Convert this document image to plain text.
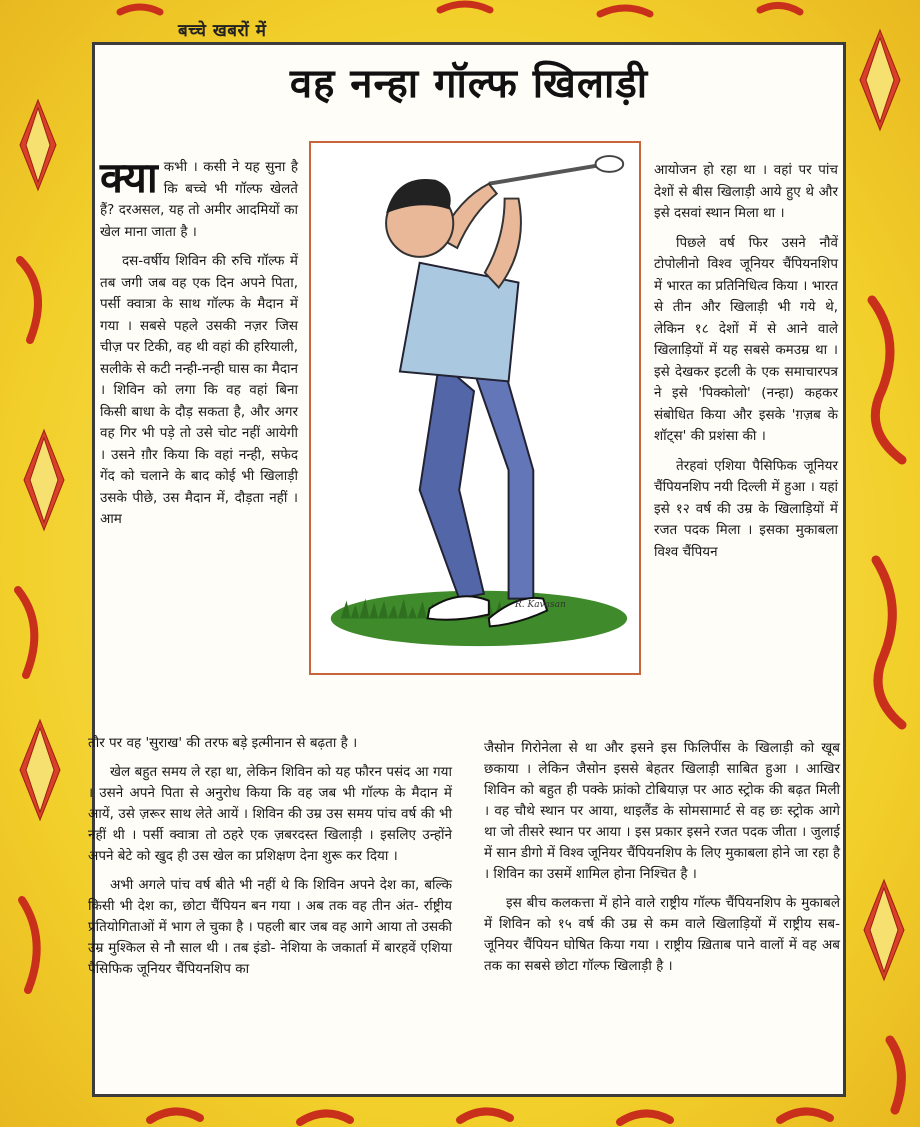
बच्चे खबरों में
वह नन्हा गॉल्फ खिलाड़ी

क्या कभी । कसी ने यह सुना है कि बच्चे भी गॉल्फ खेलते हैं? दरअसल, यह तो अमीर आदमियों का खेल माना जाता है ।

दस-वर्षीय शिविन की रुचि गॉल्फ में तब जगी जब वह एक दिन अपने पिता, पर्सी क्वात्रा के साथ गॉल्फ के मैदान में गया । सबसे पहले उसकी नज़र जिस चीज़ पर टिकी, वह थी वहां की हरियाली, सलीके से कटी नन्ही-नन्ही घास का मैदान । शिविन को लगा कि वह वहां बिना किसी बाधा के दौड़ सकता है, और अगर वह गिर भी पड़े तो उसे चोट नहीं आयेगी । उसने ग़ौर किया कि वहां नन्ही, सफेद गेंद को चलाने के बाद कोई भी खिलाड़ी उसके पीछे, उस मैदान में, दौड़ता नहीं । आम

R. Kavasan

आयोजन हो रहा था । वहां पर पांच देशों से बीस खिलाड़ी आये हुए थे और इसे दसवां स्थान मिला था ।

पिछले वर्ष फिर उसने नौवें टोपोलीनो विश्व जूनियर चैंपियनशिप में भारत का प्रतिनिधित्व किया । भारत से तीन और खिलाड़ी भी गये थे, लेकिन १८ देशों में से आने वाले खिलाड़ियों में यह सबसे कमउम्र था । इसे देखकर इटली के एक समाचारपत्र ने इसे 'पिक्कोलो' (नन्हा) कहकर संबोधित किया और इसके 'ग़ज़ब के शॉट्स' की प्रशंसा की ।

तेरहवां एशिया पैसिफिक जूनियर चैंपियनशिप नयी दिल्ली में हुआ । यहां इसे १२ वर्ष की उम्र के खिलाड़ियों में रजत पदक मिला । इसका मुकाबला विश्व चैंपियन

तौर पर वह 'सुराख' की तरफ बड़े इत्मीनान से बढ़ता है ।

खेल बहुत समय ले रहा था, लेकिन शिविन को यह फौरन पसंद आ गया । उसने अपने पिता से अनुरोध किया कि वह जब भी गॉल्फ के मैदान में आयें, उसे ज़रूर साथ लेते आयें । शिविन की उम्र उस समय पांच वर्ष की भी नहीं थी । पर्सी क्वात्रा तो ठहरे एक ज़बरदस्त खिलाड़ी । इसलिए उन्होंने अपने बेटे को खुद ही उस खेल का प्रशिक्षण देना शुरू कर दिया ।

अभी अगले पांच वर्ष बीते भी नहीं थे कि शिविन अपने देश का, बल्कि किसी भी देश का, छोटा चैंपियन बन गया । अब तक वह तीन अंत- र्राष्ट्रीय प्रतियोगिताओं में भाग ले चुका है । पहली बार जब वह आगे आया तो उसकी उम्र मुश्किल से नौ साल थी । तब इंडो- नेशिया के जकार्ता में बारहवें एशिया पैसिफिक जूनियर चैंपियनशिप का

जैसोन गिरोनेला से था और इसने इस फिलिपींस के खिलाड़ी को खूब छकाया । लेकिन जैसोन इससे बेहतर खिलाड़ी साबित हुआ । आखिर शिविन को बहुत ही पक्के फ्रांको टोबियाज़ पर आठ स्ट्रोक की बढ़त मिली । वह चौथे स्थान पर आया, थाइलैंड के सोमसामार्ट से वह छः स्ट्रोक आगे था जो तीसरे स्थान पर आया । इस प्रकार इसने रजत पदक जीता । जुलाई में सान डीगो में विश्व जूनियर चैंपियनशिप के लिए मुकाबला होने जा रहा है । शिविन का उसमें शामिल होना निश्चित है ।

इस बीच कलकत्ता में होने वाले राष्ट्रीय गॉल्फ चैंपियनशिप के मुकाबले में शिविन को १५ वर्ष की उम्र से कम वाले खिलाड़ियों में राष्ट्रीय सब-जूनियर चैंपियन घोषित किया गया । राष्ट्रीय ख़िताब पाने वालों में वह अब तक का सबसे छोटा गॉल्फ खिलाड़ी है ।
